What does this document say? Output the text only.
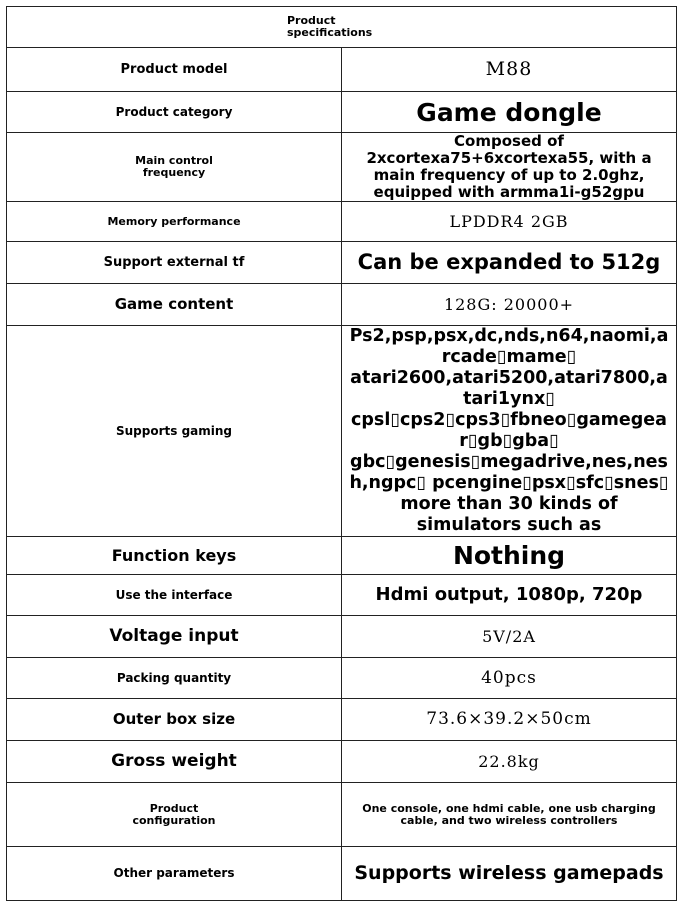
Product
specifications	
Product model	M88
Product category	Game dongle
Main control
frequency	Composed of 2xcortexa75+6xcortexa55, with a main frequency of up to 2.0ghz, equipped with armma1i-g52gpu
Memory performance	LPDDR4 2GB
Support external tf	Can be expanded to 512g
Game content	128G: 20000+
Supports gaming	Ps2,psp,psx,dc,nds,n64,naomi,arcade▯mame▯ atari2600,atari5200,atari7800,atari1ynx▯ cpsl▯cps2▯cps3▯fbneo▯gamegear▯gb▯gba▯ gbc▯genesis▯megadrive,nes,nesh,ngpc▯ pcengine▯psx▯sfc▯snes▯ more than 30 kinds of simulators such as
Function keys	Nothing
Use the interface	Hdmi output, 1080p, 720p
Voltage input	5V/2A
Packing quantity	40pcs
Outer box size	73.6×39.2×50cm
Gross weight	22.8kg
Product
configuration	One console, one hdmi cable, one usb charging cable, and two wireless controllers
Other parameters	Supports wireless gamepads
